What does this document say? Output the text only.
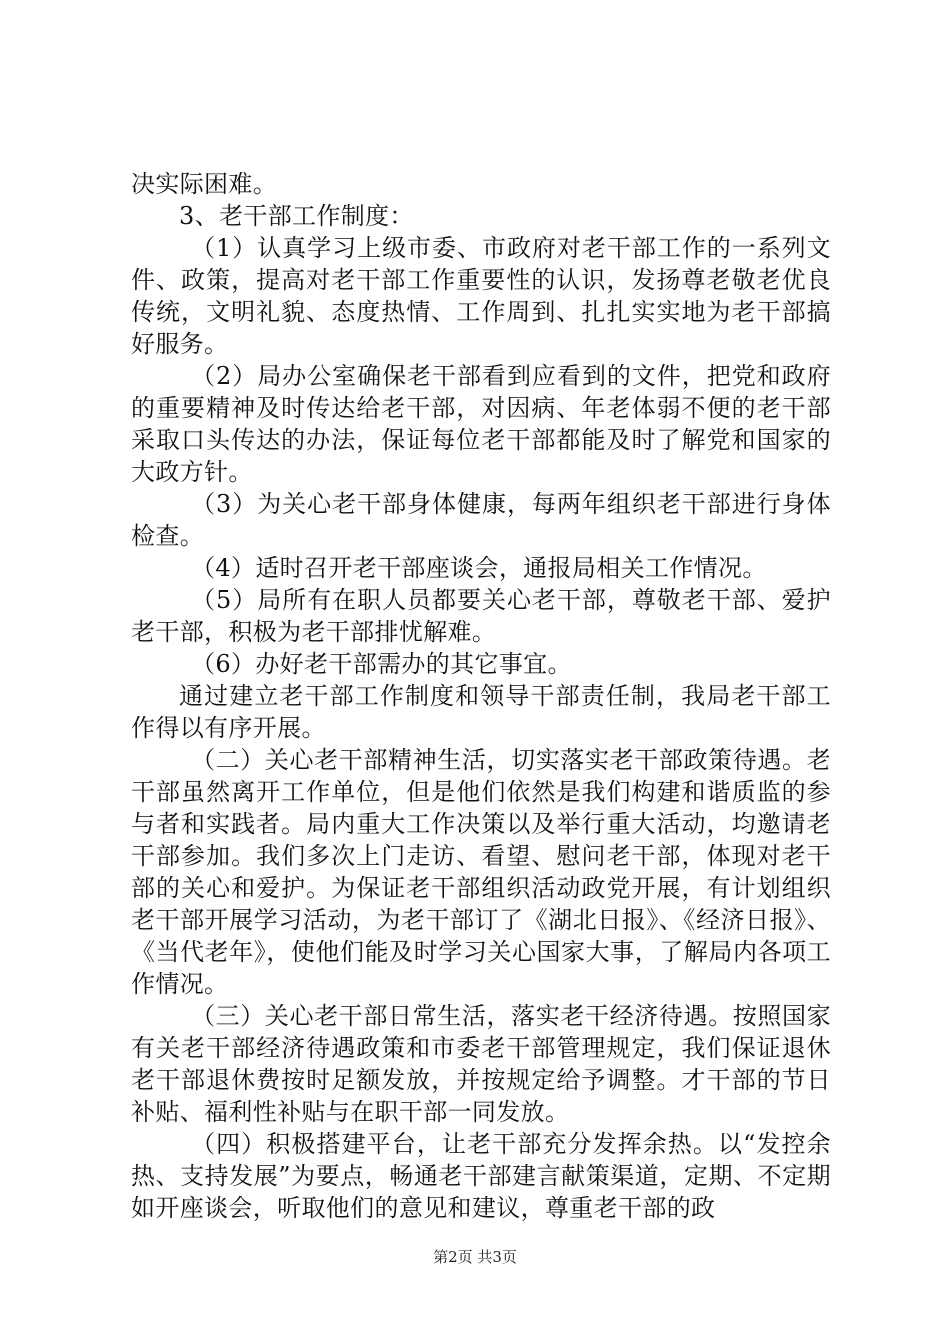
决实际困难。

3、老干部工作制度：

（1）认真学习上级市委、市政府对老干部工作的一系列文件、政策，提高对老干部工作重要性的认识，发扬尊老敬老优良传统，文明礼貌、态度热情、工作周到、扎扎实实地为老干部搞好服务。

（2）局办公室确保老干部看到应看到的文件，把党和政府的重要精神及时传达给老干部，对因病、年老体弱不便的老干部采取口头传达的办法，保证每位老干部都能及时了解党和国家的大政方针。

（3）为关心老干部身体健康，每两年组织老干部进行身体检查。

（4）适时召开老干部座谈会，通报局相关工作情况。

（5）局所有在职人员都要关心老干部，尊敬老干部、爱护老干部，积极为老干部排忧解难。

（6）办好老干部需办的其它事宜。

通过建立老干部工作制度和领导干部责任制，我局老干部工作得以有序开展。

（二）关心老干部精神生活，切实落实老干部政策待遇。老干部虽然离开工作单位，但是他们依然是我们构建和谐质监的参与者和实践者。局内重大工作决策以及举行重大活动，均邀请老干部参加。我们多次上门走访、看望、慰问老干部，体现对老干部的关心和爱护。为保证老干部组织活动政党开展，有计划组织老干部开展学习活动，为老干部订了《湖北日报》、《经济日报》、《当代老年》，使他们能及时学习关心国家大事，了解局内各项工作情况。

（三）关心老干部日常生活，落实老干经济待遇。按照国家有关老干部经济待遇政策和市委老干部管理规定，我们保证退休老干部退休费按时足额发放，并按规定给予调整。才干部的节日补贴、福利性补贴与在职干部一同发放。

（四）积极搭建平台，让老干部充分发挥余热。以“发控余热、支持发展”为要点，畅通老干部建言献策渠道，定期、不定期如开座谈会，听取他们的意见和建议，尊重老干部的政

第2页 共3页
